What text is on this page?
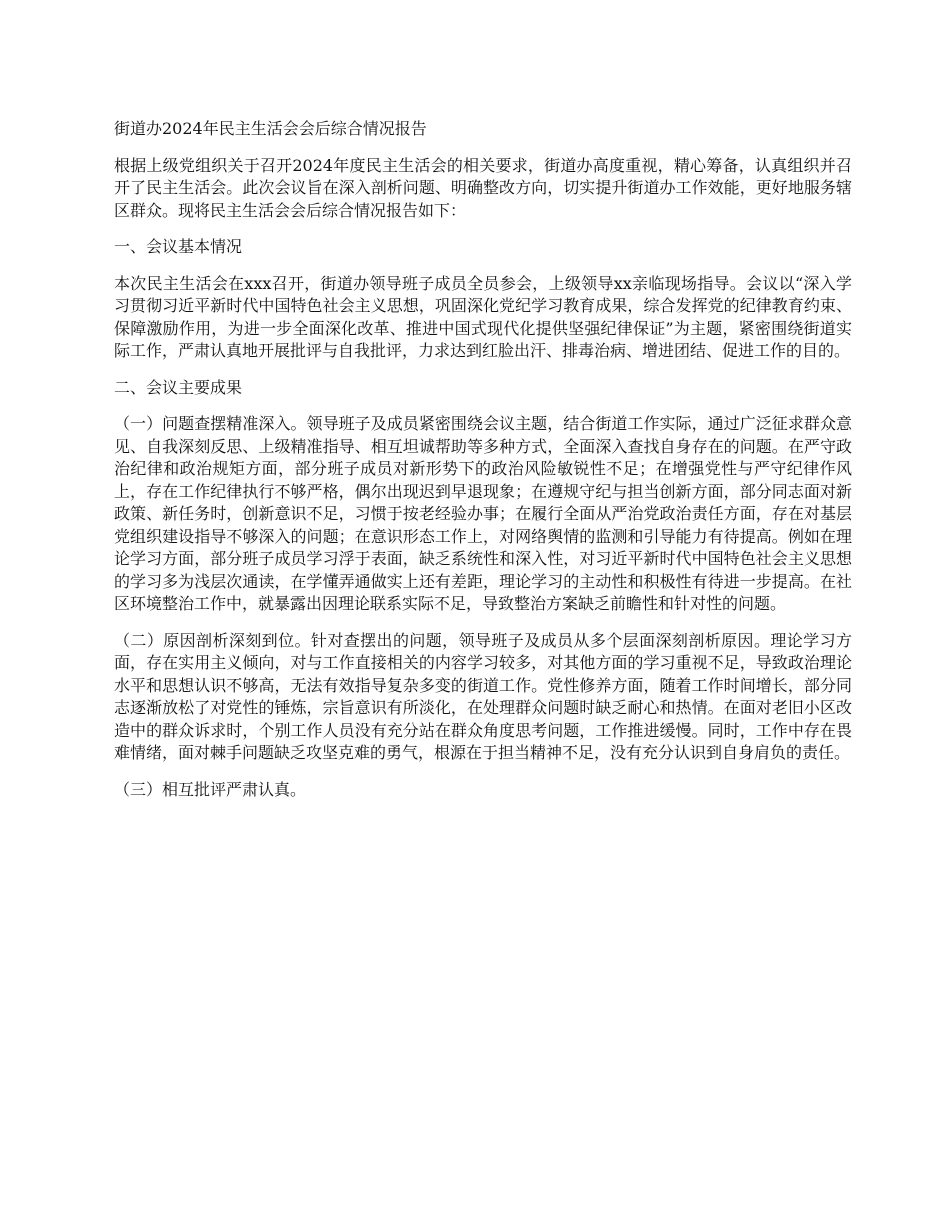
街道办2024年民主生活会会后综合情况报告
根据上级党组织关于召开2024年度民主生活会的相关要求，街道办高度重视，精心筹备，认真组织并召开了民主生活会。此次会议旨在深入剖析问题、明确整改方向，切实提升街道办工作效能，更好地服务辖区群众。现将民主生活会会后综合情况报告如下：
一、会议基本情况
本次民主生活会在xxx召开，街道办领导班子成员全员参会，上级领导xx亲临现场指导。会议以“深入学习贯彻习近平新时代中国特色社会主义思想，巩固深化党纪学习教育成果，综合发挥党的纪律教育约束、保障激励作用，为进一步全面深化改革、推进中国式现代化提供坚强纪律保证”为主题，紧密围绕街道实际工作，严肃认真地开展批评与自我批评，力求达到红脸出汗、排毒治病、增进团结、促进工作的目的。
二、会议主要成果
（一）问题查摆精准深入。领导班子及成员紧密围绕会议主题，结合街道工作实际，通过广泛征求群众意见、自我深刻反思、上级精准指导、相互坦诚帮助等多种方式，全面深入查找自身存在的问题。在严守政治纪律和政治规矩方面，部分班子成员对新形势下的政治风险敏锐性不足；在增强党性与严守纪律作风上，存在工作纪律执行不够严格，偶尔出现迟到早退现象；在遵规守纪与担当创新方面，部分同志面对新政策、新任务时，创新意识不足，习惯于按老经验办事；在履行全面从严治党政治责任方面，存在对基层党组织建设指导不够深入的问题；在意识形态工作上，对网络舆情的监测和引导能力有待提高。例如在理论学习方面，部分班子成员学习浮于表面，缺乏系统性和深入性，对习近平新时代中国特色社会主义思想的学习多为浅层次通读，在学懂弄通做实上还有差距，理论学习的主动性和积极性有待进一步提高。在社区环境整治工作中，就暴露出因理论联系实际不足，导致整治方案缺乏前瞻性和针对性的问题。
（二）原因剖析深刻到位。针对查摆出的问题，领导班子及成员从多个层面深刻剖析原因。理论学习方面，存在实用主义倾向，对与工作直接相关的内容学习较多，对其他方面的学习重视不足，导致政治理论水平和思想认识不够高，无法有效指导复杂多变的街道工作。党性修养方面，随着工作时间增长，部分同志逐渐放松了对党性的锤炼，宗旨意识有所淡化，在处理群众问题时缺乏耐心和热情。在面对老旧小区改造中的群众诉求时，个别工作人员没有充分站在群众角度思考问题，工作推进缓慢。同时，工作中存在畏难情绪，面对棘手问题缺乏攻坚克难的勇气，根源在于担当精神不足，没有充分认识到自身肩负的责任。
（三）相互批评严肃认真。
